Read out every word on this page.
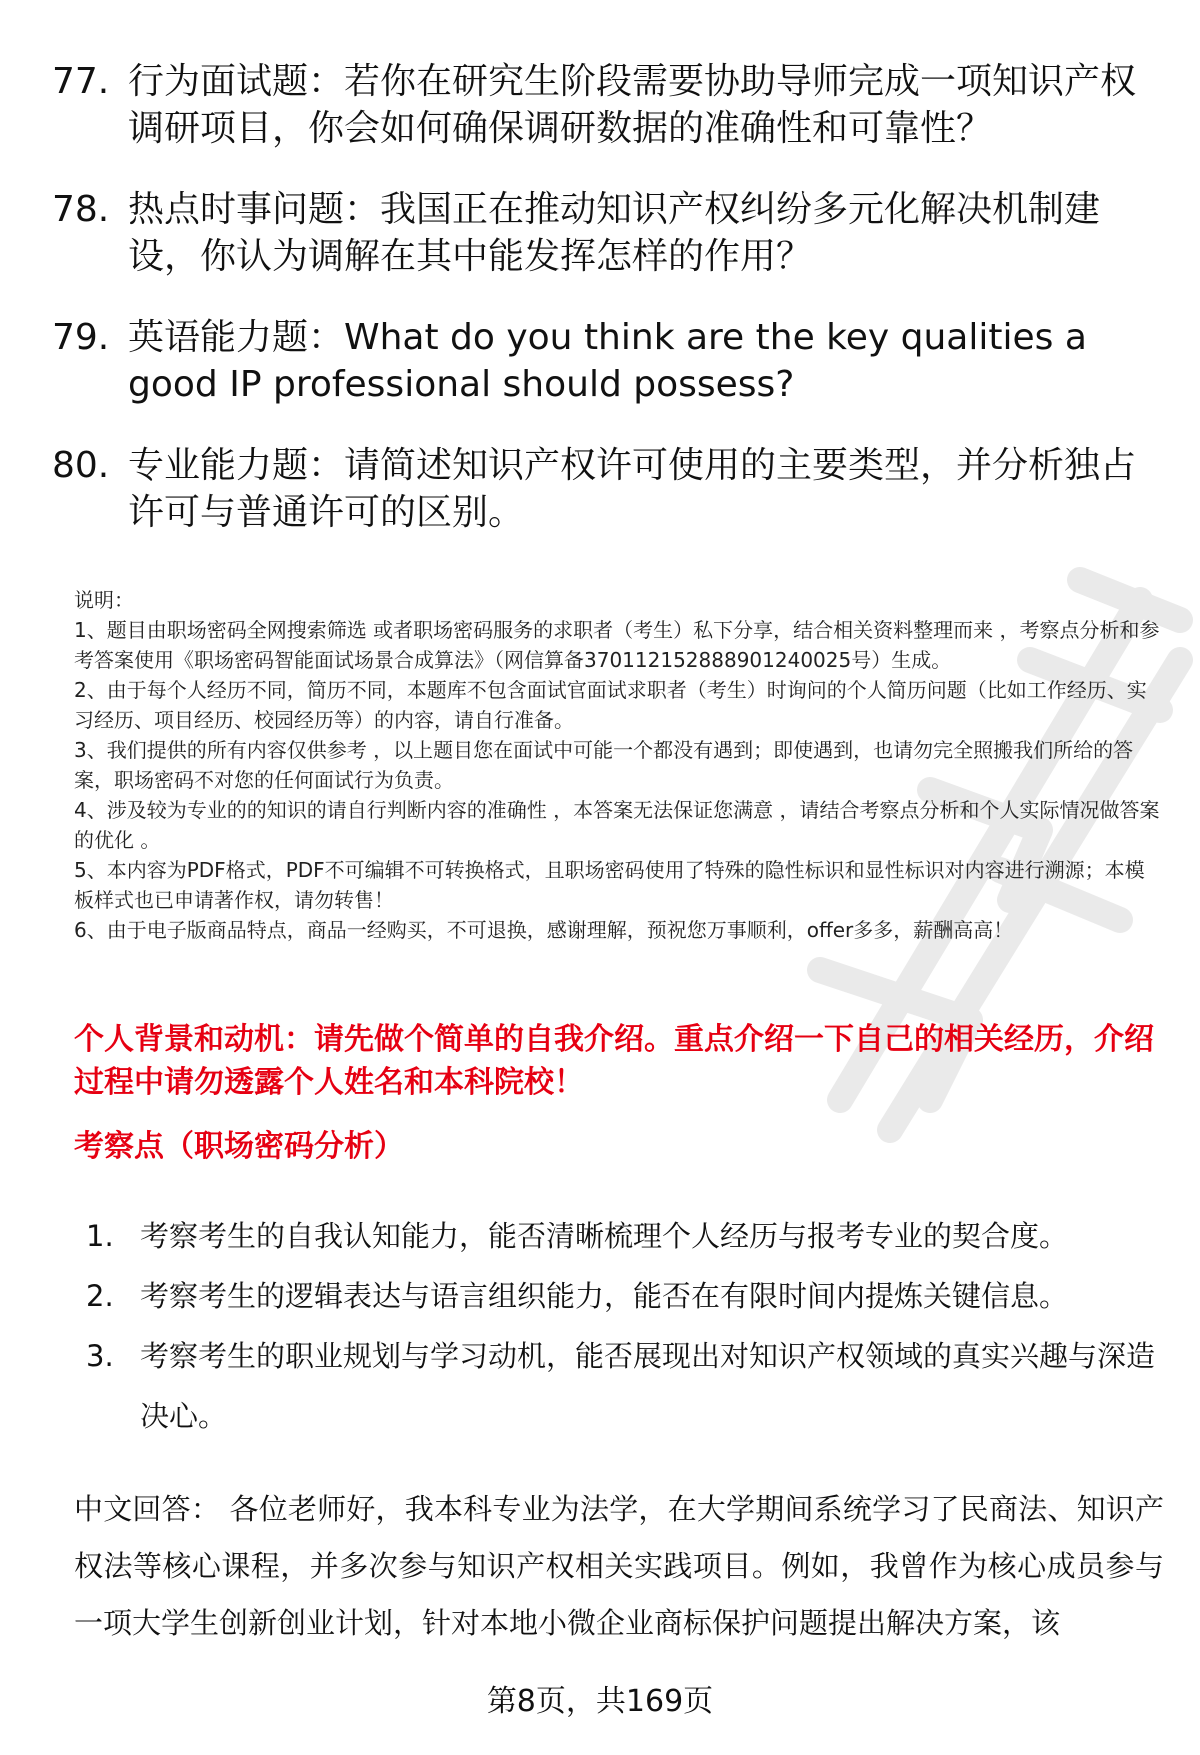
77. 行为面试题：若你在研究生阶段需要协助导师完成一项知识产权调研项目，你会如何确保调研数据的准确性和可靠性？
78. 热点时事问题：我国正在推动知识产权纠纷多元化解决机制建设，你认为调解在其中能发挥怎样的作用？
79. 英语能力题：What do you think are the key qualities a good IP professional should possess?
80. 专业能力题：请简述知识产权许可使用的主要类型，并分析独占许可与普通许可的区别。

说明：

1、题目由职场密码全网搜索筛选 或者职场密码服务的求职者（考生）私下分享，结合相关资料整理而来 ，考察点分析和参考答案使用《职场密码智能面试场景合成算法》（网信算备370112152888901240025号）生成。

2、由于每个人经历不同，简历不同，本题库不包含面试官面试求职者（考生）时询问的个人简历问题（比如工作经历、实习经历、项目经历、校园经历等）的内容，请自行准备。

3、我们提供的所有内容仅供参考 ，以上题目您在面试中可能一个都没有遇到；即使遇到，也请勿完全照搬我们所给的答案，职场密码不对您的任何面试行为负责。

4、涉及较为专业的的知识的请自行判断内容的准确性 ，本答案无法保证您满意 ，请结合考察点分析和个人实际情况做答案的优化 。

5、本内容为PDF格式，PDF不可编辑不可转换格式，且职场密码使用了特殊的隐性标识和显性标识对内容进行溯源；本模板样式也已申请著作权，请勿转售！

6、由于电子版商品特点，商品一经购买，不可退换，感谢理解，预祝您万事顺利，offer多多，薪酬高高！

个人背景和动机：请先做个简单的自我介绍。重点介绍一下自己的相关经历，介绍过程中请勿透露个人姓名和本科院校！
考察点（职场密码分析）
1. 考察考生的自我认知能力，能否清晰梳理个人经历与报考专业的契合度。
2. 考察考生的逻辑表达与语言组织能力，能否在有限时间内提炼关键信息。
3. 考察考生的职业规划与学习动机，能否展现出对知识产权领域的真实兴趣与深造决心。
中文回答： 各位老师好，我本科专业为法学，在大学期间系统学习了民商法、知识产权法等核心课程，并多次参与知识产权相关实践项目。例如，我曾作为核心成员参与一项大学生创新创业计划，针对本地小微企业商标保护问题提出解决方案，该
第8页，共169页
